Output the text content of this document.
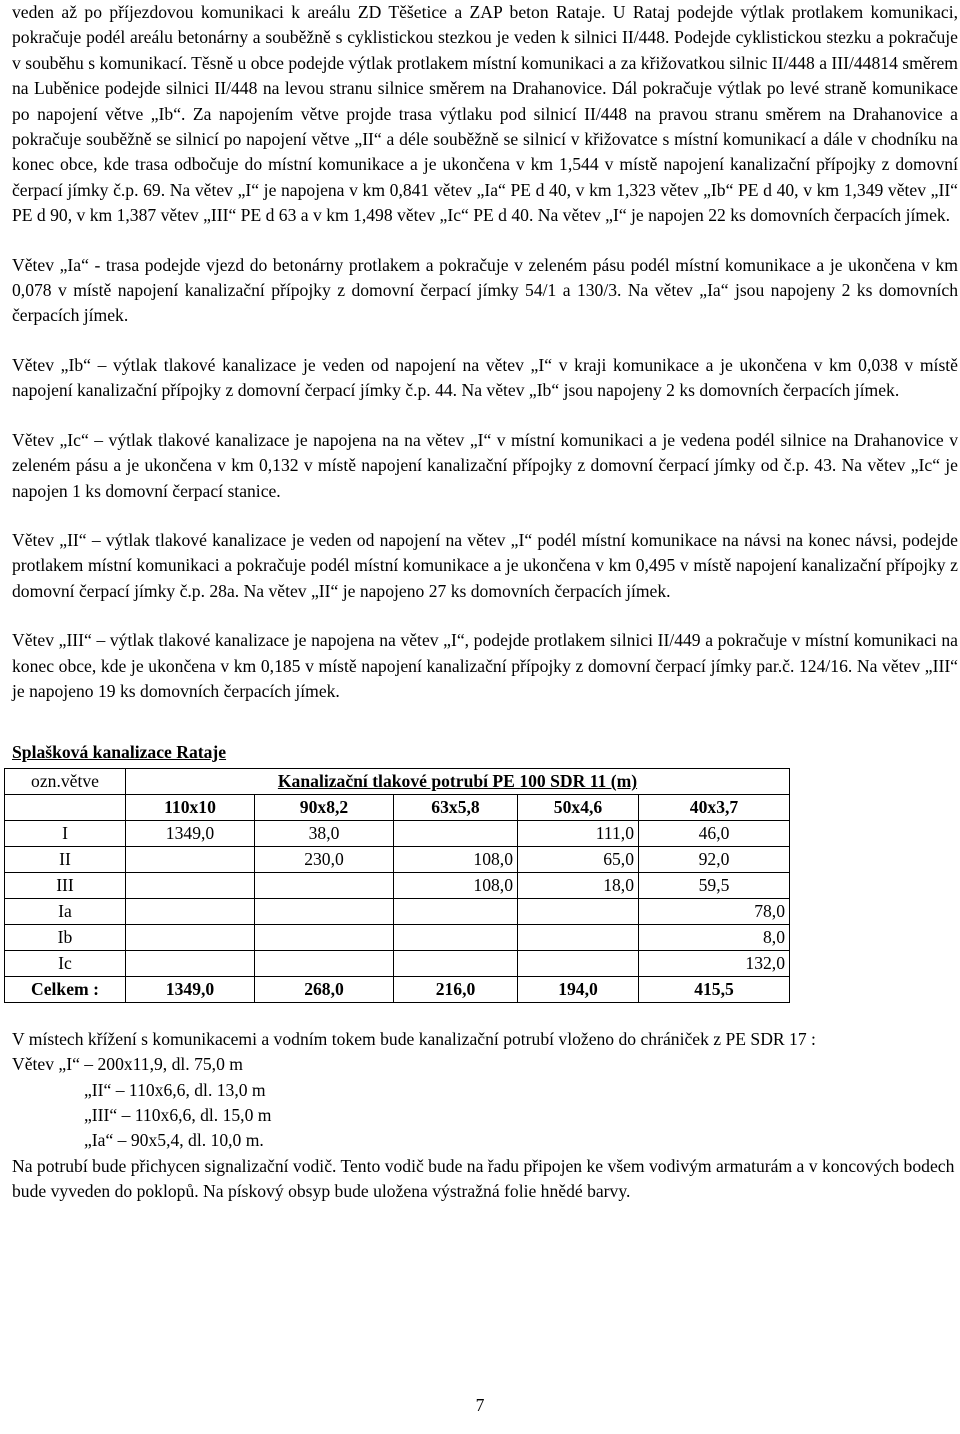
veden až po příjezdovou komunikaci k areálu ZD Těšetice a ZAP beton Rataje. U Rataj podejde výtlak protlakem komunikaci, pokračuje podél areálu betonárny a souběžně s cyklistickou stezkou je veden k silnici II/448. Podejde cyklistickou stezku a pokračuje v souběhu s komunikací. Těsně u obce podejde výtlak protlakem místní komunikaci a za křižovatkou silnic II/448 a III/44814 směrem na Luběnice podejde silnici II/448 na levou stranu silnice směrem na Drahanovice. Dál pokračuje výtlak po levé straně komunikace po napojení větve „Ib“. Za napojením větve projde trasa výtlaku pod silnicí II/448 na pravou stranu směrem na Drahanovice a pokračuje souběžně se silnicí po napojení větve „II“ a déle souběžně se silnicí v křižovatce s místní komunikací a dále v chodníku na konec obce, kde trasa odbočuje do místní komunikace a je ukončena v km 1,544 v místě napojení kanalizační přípojky z domovní čerpací jímky č.p. 69. Na větev „I“ je napojena v km 0,841 větev „Ia“ PE d 40, v km 1,323 větev „Ib“ PE d 40, v km 1,349 větev „II“ PE d 90, v km 1,387 větev „III“ PE d 63 a v km 1,498 větev „Ic“ PE d 40. Na větev „I“ je napojen 22 ks domovních čerpacích jímek.

Větev „Ia“ - trasa podejde vjezd do betonárny protlakem a pokračuje v zeleném pásu podél místní komunikace a je ukončena v km 0,078 v místě napojení kanalizační přípojky z domovní čerpací jímky 54/1 a 130/3. Na větev „Ia“ jsou napojeny 2 ks domovních čerpacích jímek.

Větev „Ib“ – výtlak tlakové kanalizace je veden od napojení na větev „I“ v kraji komunikace a je ukončena v km 0,038 v místě napojení kanalizační přípojky z domovní čerpací jímky č.p. 44. Na větev „Ib“ jsou napojeny 2 ks domovních čerpacích jímek.

Větev „Ic“ – výtlak tlakové kanalizace je napojena na na větev „I“ v místní komunikaci a je vedena podél silnice na Drahanovice v zeleném pásu a je ukončena v km 0,132 v místě napojení kanalizační přípojky z domovní čerpací jímky od č.p. 43. Na větev „Ic“ je napojen 1 ks domovní čerpací stanice.

Větev „II“ – výtlak tlakové kanalizace je veden od napojení na větev „I“ podél místní komunikace na návsi na konec návsi, podejde protlakem místní komunikaci a pokračuje podél místní komunikace a je ukončena v km 0,495 v místě napojení kanalizační přípojky z domovní čerpací jímky č.p. 28a. Na větev „II“ je napojeno 27 ks domovních čerpacích jímek.

Větev „III“ – výtlak tlakové kanalizace je napojena na větev „I“, podejde protlakem silnici II/449 a pokračuje v místní komunikaci na konec obce, kde je ukončena v km 0,185 v místě napojení kanalizační přípojky z domovní čerpací jímky par.č. 124/16. Na větev „III“ je napojeno 19 ks domovních čerpacích jímek.

Splašková kanalizace Rataje
ozn.větve	Kanalizační tlakové potrubí PE 100 SDR 11 (m)				
	110x10	90x8,2	63x5,8	50x4,6	40x3,7
I	1349,0	38,0		111,0	46,0
II		230,0	108,0	65,0	92,0
III			108,0	18,0	59,5
Ia					78,0
Ib					8,0
Ic					132,0
Celkem :	1349,0	268,0	216,0	194,0	415,5

V místech křížení s komunikacemi a vodním tokem bude kanalizační potrubí vloženo do chrániček z PE SDR 17 :

Větev „I“ – 200x11,9, dl. 75,0 m
„II“ – 110x6,6, dl. 13,0 m
„III“ – 110x6,6, dl. 15,0 m
„Ia“ – 90x5,4, dl. 10,0 m.

Na potrubí bude přichycen signalizační vodič. Tento vodič bude na řadu připojen ke všem vodivým armaturám a v koncových bodech bude vyveden do poklopů. Na pískový obsyp bude uložena výstražná folie hnědé barvy.

7
